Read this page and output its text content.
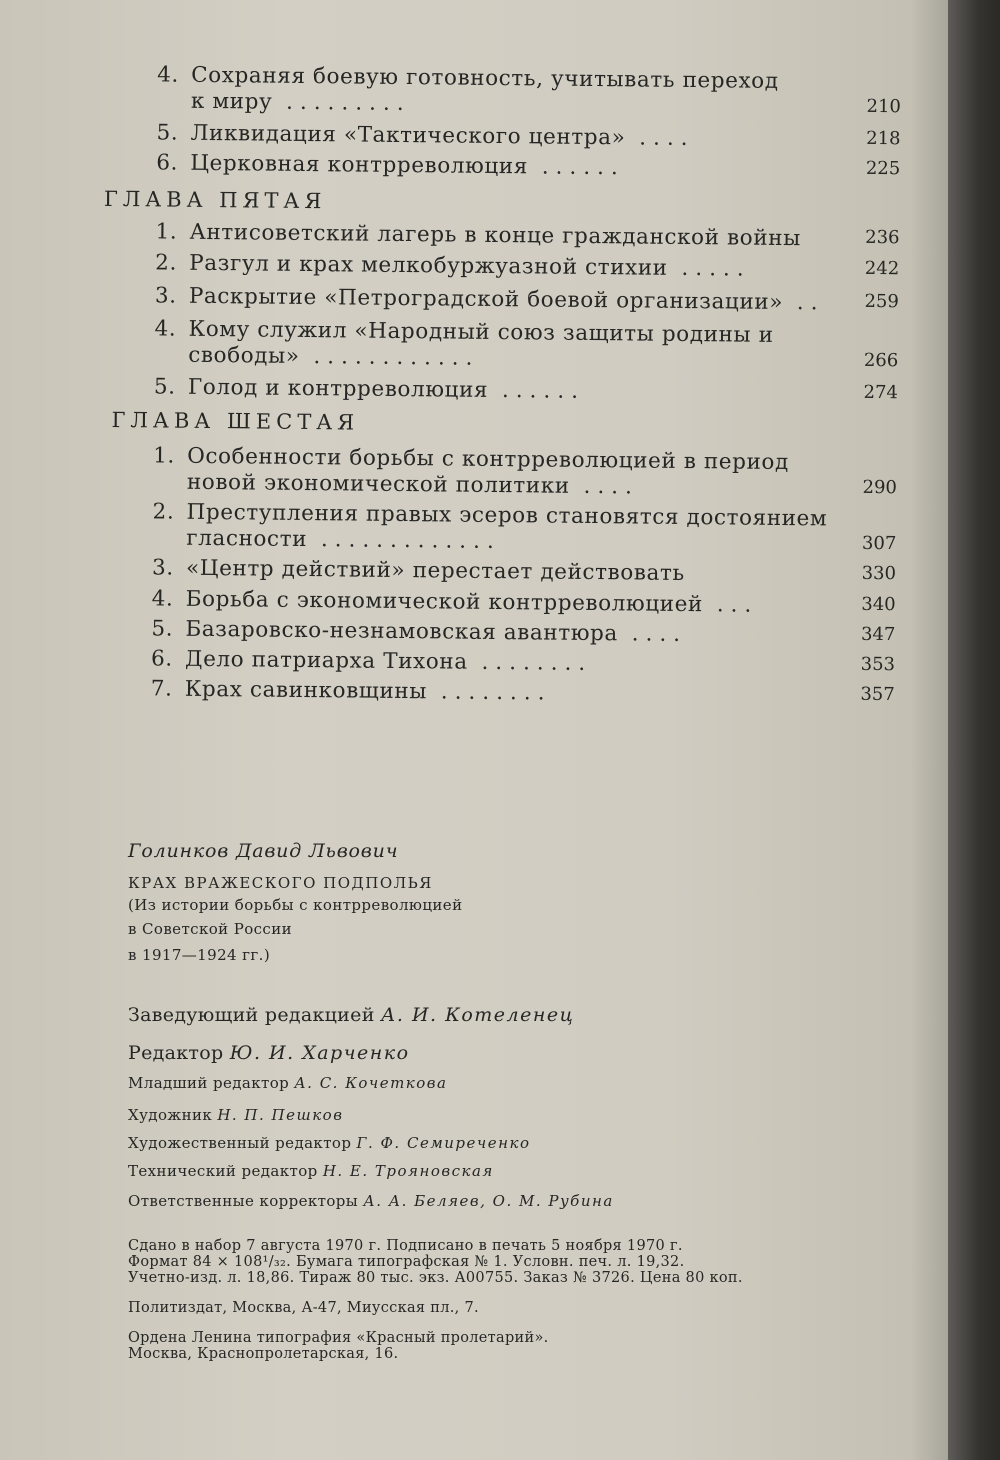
4. Сохраняя боевую готовность, учитывать переход
к миру .........	210
5. Ликвидация «Тактического центра» ....	218
6. Церковная контрреволюция ......	225
1. Антисоветский лагерь в конце гражданской войны	236
2. Разгул и крах мелкобуржуазной стихии .....	242
3. Раскрытие «Петроградской боевой организации» .. 259
4. Кому служил «Народный союз защиты родины и
свободы» ............	266
5. Голод и контрреволюция ......	274
1. Особенности борьбы с контрреволюцией в период
новой экономической политики ....	290
2. Преступления правых эсеров становятся достоянием
гласности .............	307
3. «Центр действий» перестает действовать	330
4. Борьба с экономической контрреволюцией ...	340
5. Базаровско-незнамовская авантюра ....	347
6. Дело патриарха Тихона ........	353
7. Крах савинковщины ........	357
ГЛАВА ПЯТАЯ
ГЛАВА ШЕСТАЯ
Голинков Давид Львович
КРАХ ВРАЖЕСКОГО ПОДПОЛЬЯ
(Из истории борьбы с контрреволюцией
в Советской России
в 1917—1924 гг.)
Заведующий редакцией А. И. Котеленец
Редактор Ю. И. Харченко
Младший редактор А. С. Кочеткова
Художник Н. П. Пешков
Художественный редактор Г. Ф. Семиреченко
Технический редактор Н. Е. Трояновская
Ответственные корректоры А. А. Беляев, О. М. Рубина
Сдано в набор 7 августа 1970 г. Подписано в печать 5 ноября 1970 г.
Формат 84 × 108¹/₃₂. Бумага типографская № 1. Условн. печ. л. 19,32.
Учетно-изд. л. 18,86. Тираж 80 тыс. экз. А00755. Заказ № 3726. Цена 80 коп.
Политиздат, Москва, А-47, Миусская пл., 7.
Ордена Ленина типография «Красный пролетарий».
Москва, Краснопролетарская, 16.
